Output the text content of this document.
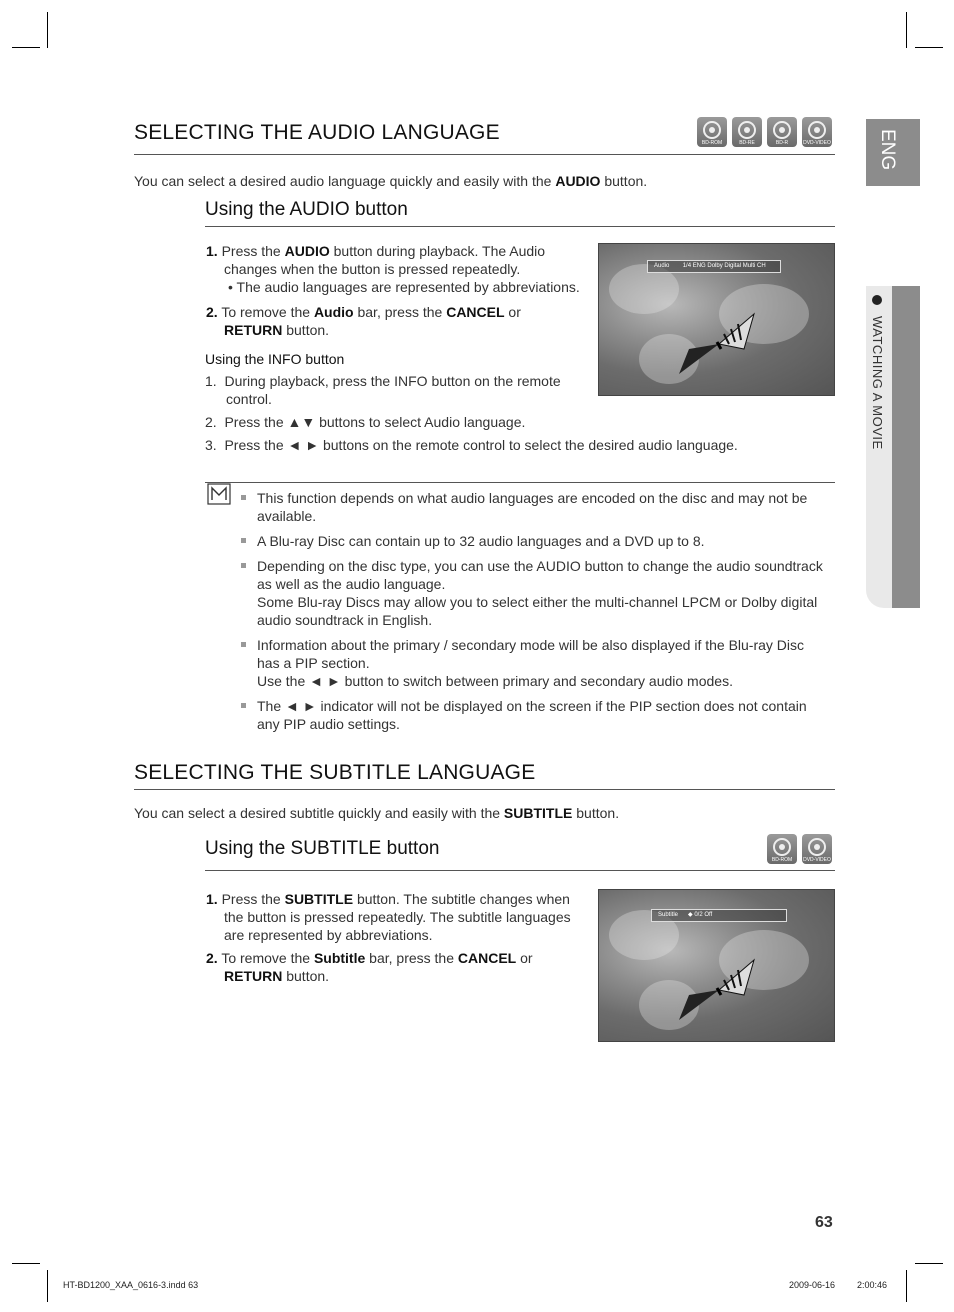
ENG
WATCHING A MOVIE
SELECTING THE AUDIO LANGUAGE	BD-ROM	BD-RE	BD-R	DVD-VIDEO
You can select a desired audio language quickly and easily with the AUDIO button.
Using the AUDIO button
1. Press the AUDIO button during playback. The Audio
changes when the button is pressed repeatedly.
• The audio languages are represented by abbreviations.
2. To remove the Audio bar, press the CANCEL or
RETURN button.
Using the INFO button
1. During playback, press the INFO button on the remote
control.
2. Press the ▲▼ buttons to select Audio language.
3. Press the ◄ ► buttons on the remote control to select the desired audio language.
Audio 1/4 ENG Dolby Digital Multi CH
This function depends on what audio languages are encoded on the disc and may not be
available.
A Blu-ray Disc can contain up to 32 audio languages and a DVD up to 8.
Depending on the disc type, you can use the AUDIO button to change the audio soundtrack
as well as the audio language.
Some Blu-ray Discs may allow you to select either the multi-channel LPCM or Dolby digital
audio soundtrack in English.
Information about the primary / secondary mode will be also displayed if the Blu-ray Disc
has a PIP section.
Use the ◄ ► button to switch between primary and secondary audio modes.
The ◄ ► indicator will not be displayed on the screen if the PIP section does not contain
any PIP audio settings.
SELECTING THE SUBTITLE LANGUAGE
You can select a desired subtitle quickly and easily with the SUBTITLE button.
Using the SUBTITLE button
BD-ROM	DVD-VIDEO
1. Press the SUBTITLE button. The subtitle changes when
the button is pressed repeatedly. The subtitle languages
are represented by abbreviations.
2. To remove the Subtitle bar, press the CANCEL or
RETURN button.
Subtitle ◆ 0/2 Off
63
HT-BD1200_XAA_0616-3.indd 63	2009-06-16 2:00:46
